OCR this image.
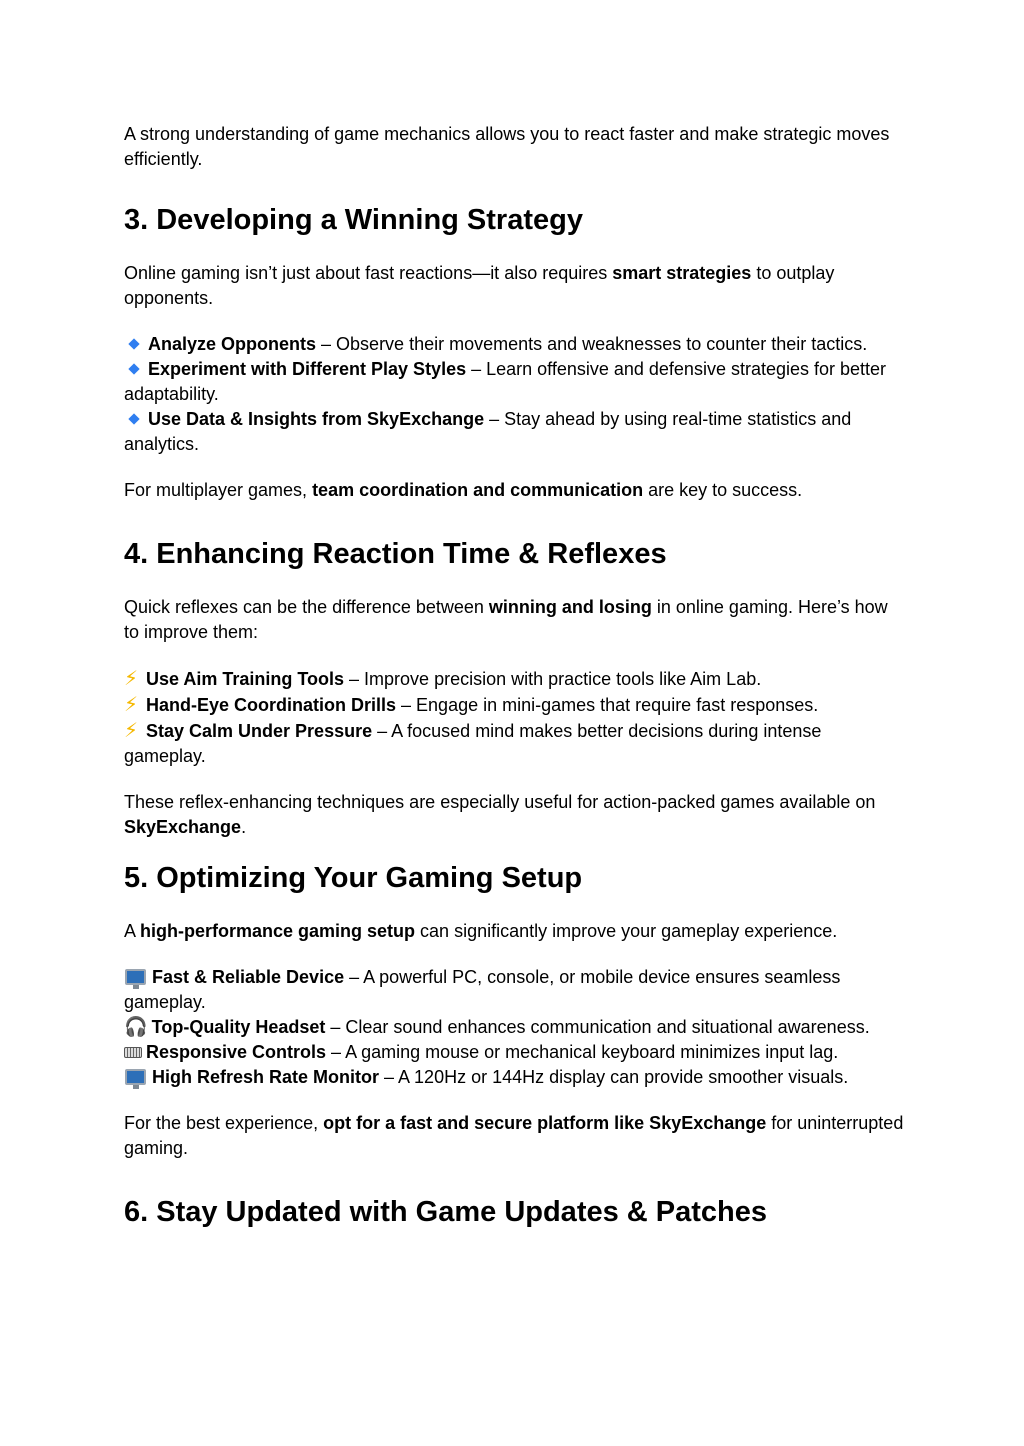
A strong understanding of game mechanics allows you to react faster and make strategic moves efficiently.

3. Developing a Winning Strategy

Online gaming isn’t just about fast reactions—it also requires smart strategies to outplay opponents.

Analyze Opponents – Observe their movements and weaknesses to counter their tactics.

Experiment with Different Play Styles – Learn offensive and defensive strategies for better adaptability.

Use Data & Insights from SkyExchange – Stay ahead by using real-time statistics and analytics.

For multiplayer games, team coordination and communication are key to success.

4. Enhancing Reaction Time & Reflexes

Quick reflexes can be the difference between winning and losing in online gaming. Here’s how to improve them:

⚡ Use Aim Training Tools – Improve precision with practice tools like Aim Lab.

⚡ Hand-Eye Coordination Drills – Engage in mini-games that require fast responses.

⚡ Stay Calm Under Pressure – A focused mind makes better decisions during intense gameplay.

These reflex-enhancing techniques are especially useful for action-packed games available on SkyExchange.

5. Optimizing Your Gaming Setup

A high-performance gaming setup can significantly improve your gameplay experience.

Fast & Reliable Device – A powerful PC, console, or mobile device ensures seamless gameplay.

🎧 Top-Quality Headset – Clear sound enhances communication and situational awareness.

Responsive Controls – A gaming mouse or mechanical keyboard minimizes input lag.

High Refresh Rate Monitor – A 120Hz or 144Hz display can provide smoother visuals.

For the best experience, opt for a fast and secure platform like SkyExchange for uninterrupted gaming.

6. Stay Updated with Game Updates & Patches
